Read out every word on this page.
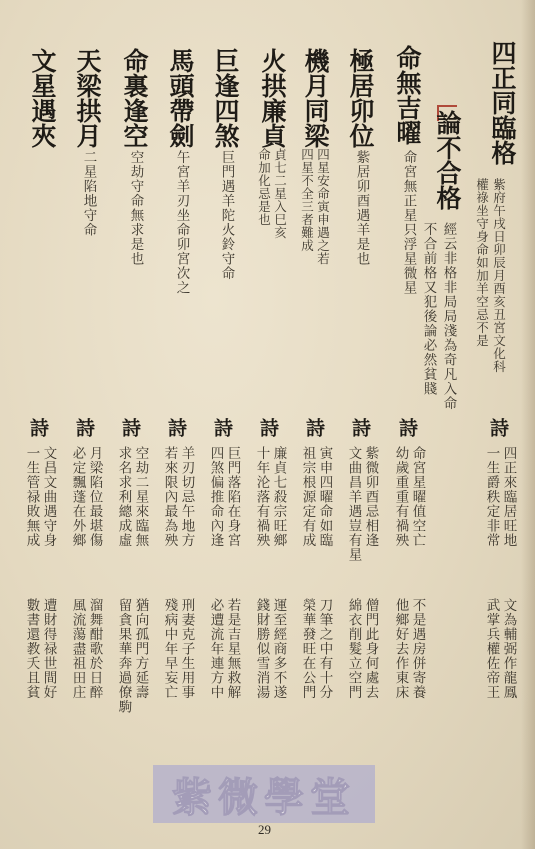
四正同臨格
紫府午戌日卯辰月酉亥丑宮文化科
權祿坐守身命如加羊空忌不是
論不合格
經云非格非局局淺為奇凡入命
不合前格又犯後論必然貧賤
命無吉曜
命宮無正星只浮星微星
極居卯位
紫居卯酉遇羊是也
機月同梁
四星安命寅申遇之若
四星不全三者難成
火拱廉貞
貞七二星入巳亥
命加化忌是也
巨逢四煞
巨門遇羊陀火鈴守命
馬頭帶劍
午宮羊刃坐命卯宮次之
命裏逢空
空劫守命無求是也
天梁拱月
二星陷地守命
文星遇夾
詩
四正來臨居旺地
一生爵秩定非常
文為輔弼作龍鳳
武掌兵權佐帝王
詩
命宮星曜值空亡
幼歲重重有禍殃
不是遇房併寄養
他鄉好去作東床
詩
紫微卯酉忌相逢
文曲昌羊遇豈有星
僧門此身何處去
綿衣削髮立空門
詩
寅申四曜命如臨
祖宗根源定有成
刀筆之中有十分
榮華發旺在公門
詩
廉貞七殺宗旺鄉
十年沦落有禍殃
運至經商多不遂
錢財勝似雪消湯
詩
巨門落陷在身宮
四煞偏推命內逢
若是吉星無救解
必遭流年連方中
詩
羊刃切忌午地方
若來限內最為殃
刑妻克子生用事
殘病中年早妄亡
詩
空劫二星來臨無
求名求利總成虛
猶向孤門方延壽
留貪果華奔過僚駒
詩
月梁陷位最堪傷
必定飄蓬在外鄉
溜舞酣歌於日醉
風流蕩盡祖田庄
詩
文昌文曲遇守身
一生管禄敗無成
遭財得禄世間好
數書還教夭且貧
紫微學堂
29
